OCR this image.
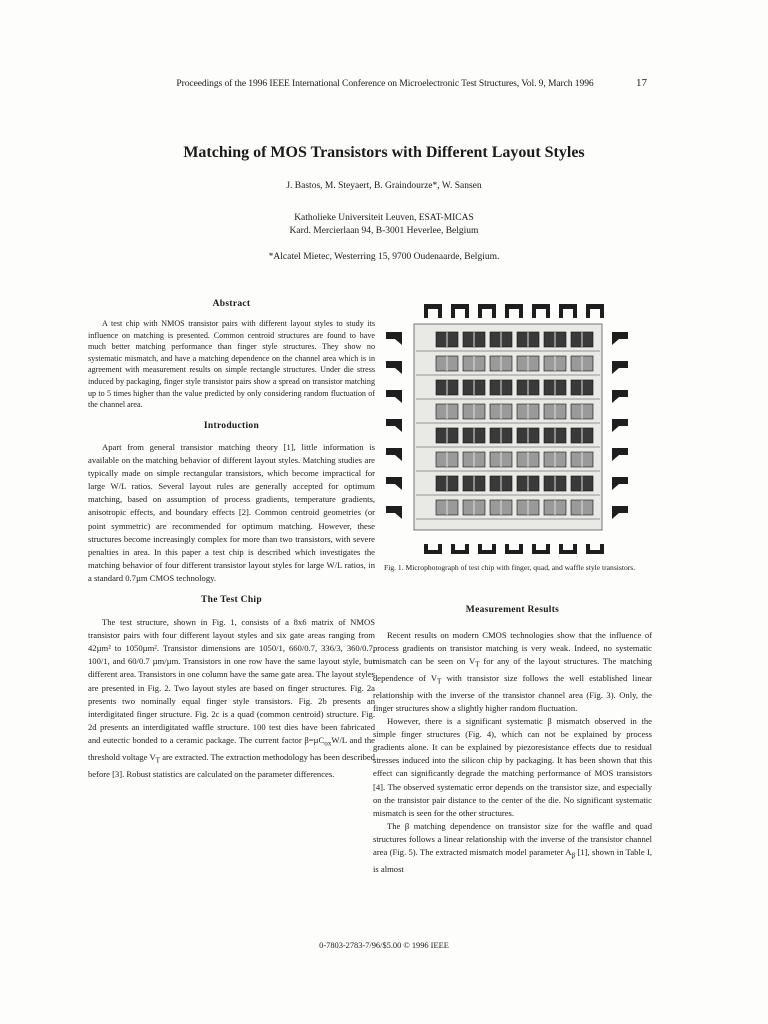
Proceedings of the 1996 IEEE International Conference on Microelectronic Test Structures, Vol. 9, March 1996	17
Matching of MOS Transistors with Different Layout Styles
J. Bastos, M. Steyaert, B. Graindourze*, W. Sansen
Katholieke Universiteit Leuven, ESAT-MICAS
Kard. Mercierlaan 94, B-3001 Heverlee, Belgium
*Alcatel Mietec, Westerring 15, 9700 Oudenaarde, Belgium.
Abstract

A test chip with NMOS transistor pairs with different layout styles to study its influence on matching is presented. Common centroid structures are found to have much better matching performance than finger style structures. They show no systematic mismatch, and have a matching dependence on the channel area which is in agreement with measurement results on simple rectangle structures. Under die stress induced by packaging, finger style transistor pairs show a spread on transistor matching up to 5 times higher than the value predicted by only considering random fluctuation of the channel area.

Introduction

Apart from general transistor matching theory [1], little information is available on the matching behavior of different layout styles. Matching studies are typically made on simple rectangular transistors, which become impractical for large W/L ratios. Several layout rules are generally accepted for optimum matching, based on assumption of process gradients, temperature gradients, anisotropic effects, and boundary effects [2]. Common centroid geometries (or point symmetric) are recommended for optimum matching. However, these structures become increasingly complex for more than two transistors, with severe penalties in area. In this paper a test chip is described which investigates the matching behavior of four different transistor layout styles for large W/L ratios, in a standard 0.7µm CMOS technology.

The Test Chip

The test structure, shown in Fig. 1, consists of a 8x6 matrix of NMOS transistor pairs with four different layout styles and six gate areas ranging from 42µm² to 1050µm². Transistor dimensions are 1050/1, 660/0.7, 336/3, 360/0.7, 100/1, and 60/0.7 µm/µm. Transistors in one row have the same layout style, but different area. Transistors in one column have the same gate area. The layout styles are presented in Fig. 2. Two layout styles are based on finger structures. Fig. 2a presents two nominally equal finger style transistors. Fig. 2b presents an interdigitated finger structure. Fig. 2c is a quad (common centroid) structure. Fig. 2d presents an interdigitated waffle structure. 100 test dies have been fabricated and eutectic bonded to a ceramic package. The current factor β=µC$_{ox}$W/L and the threshold voltage $V_T$ are extracted. The extraction methodology has been described before [3]. Robust statistics are calculated on the parameter differences.

Fig. 1. Microphotograph of test chip with finger, quad, and waffle style transistors.
Measurement Results

Recent results on modern CMOS technologies show that the influence of process gradients on transistor matching is very weak. Indeed, no systematic mismatch can be seen on $V_T$ for any of the layout structures. The matching dependence of $V_T$ with transistor size follows the well established linear relationship with the inverse of the transistor channel area (Fig. 3). Only, the finger structures show a slightly higher random fluctuation.

However, there is a significant systematic β mismatch observed in the simple finger structures (Fig. 4), which can not be explained by process gradients alone. It can be explained by piezoresistance effects due to residual stresses induced into the silicon chip by packaging. It has been shown that this effect can significantly degrade the matching performance of MOS transistors [4]. The observed systematic error depends on the transistor size, and especially on the transistor pair distance to the center of the die. No significant systematic mismatch is seen for the other structures.

The β matching dependence on transistor size for the waffle and quad structures follows a linear relationship with the inverse of the transistor channel area (Fig. 5). The extracted mismatch model parameter $A_\beta$ [1], shown in Table I, is almost

0-7803-2783-7/96/$5.00 © 1996 IEEE
